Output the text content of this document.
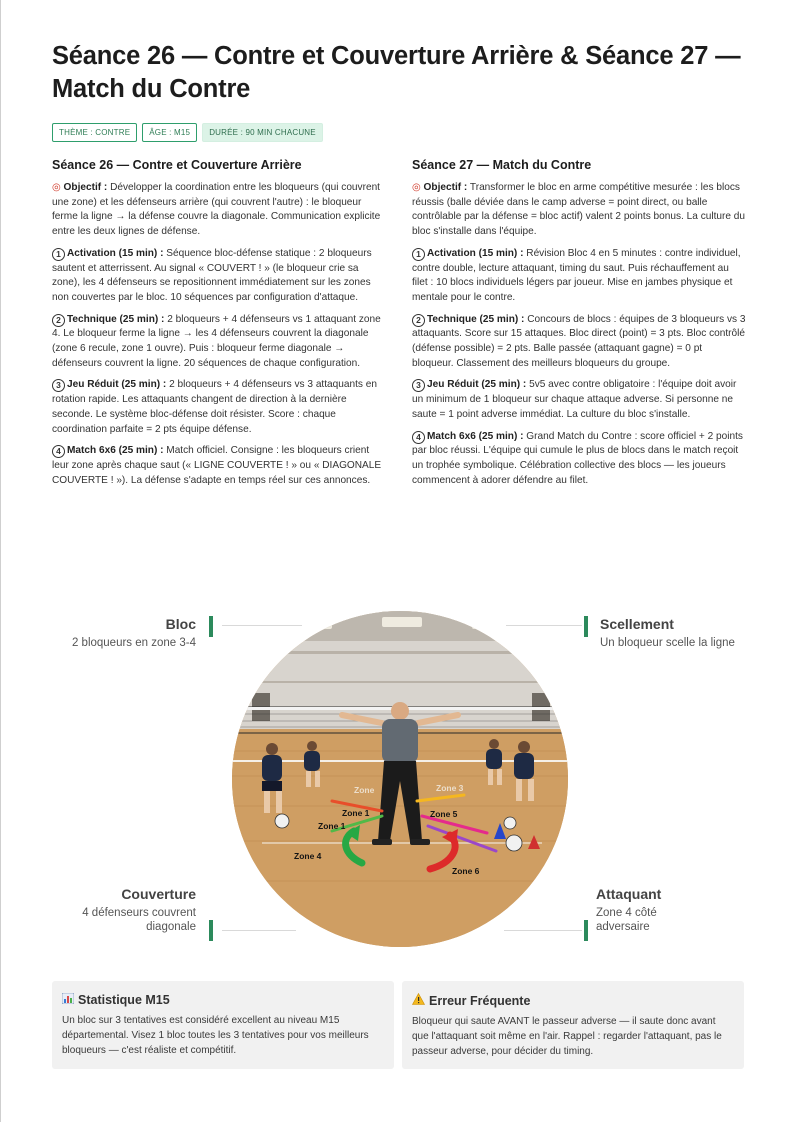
Séance 26 — Contre et Couverture Arrière & Séance 27 — Match du Contre
THÈME : CONTRE	ÂGE : M15	DURÉE : 90 MIN CHACUNE
Séance 26 — Contre et Couverture Arrière

◎ Objectif : Développer la coordination entre les bloqueurs (qui couvrent une zone) et les défenseurs arrière (qui couvrent l'autre) : le bloqueur ferme la ligne → la défense couvre la diagonale. Communication explicite entre les deux lignes de défense.

1 Activation (15 min) : Séquence bloc-défense statique : 2 bloqueurs sautent et atterrissent. Au signal « COUVERT ! » (le bloqueur crie sa zone), les 4 défenseurs se repositionnent immédiatement sur les zones non couvertes par le bloc. 10 séquences par configuration d'attaque.

2 Technique (25 min) : 2 bloqueurs + 4 défenseurs vs 1 attaquant zone 4. Le bloqueur ferme la ligne → les 4 défenseurs couvrent la diagonale (zone 6 recule, zone 1 ouvre). Puis : bloqueur ferme diagonale → défenseurs couvrent la ligne. 20 séquences de chaque configuration.

3 Jeu Réduit (25 min) : 2 bloqueurs + 4 défenseurs vs 3 attaquants en rotation rapide. Les attaquants changent de direction à la dernière seconde. Le système bloc-défense doit résister. Score : chaque coordination parfaite = 2 pts équipe défense.

4 Match 6x6 (25 min) : Match officiel. Consigne : les bloqueurs crient leur zone après chaque saut (« LIGNE COUVERTE ! » ou « DIAGONALE COUVERTE ! »). La défense s'adapte en temps réel sur ces annonces.

Séance 27 — Match du Contre

◎ Objectif : Transformer le bloc en arme compétitive mesurée : les blocs réussis (balle déviée dans le camp adverse = point direct, ou balle contrôlable par la défense = bloc actif) valent 2 points bonus. La culture du bloc s'installe dans l'équipe.

1 Activation (15 min) : Révision Bloc 4 en 5 minutes : contre individuel, contre double, lecture attaquant, timing du saut. Puis réchauffement au filet : 10 blocs individuels légers par joueur. Mise en jambes physique et mentale pour le contre.

2 Technique (25 min) : Concours de blocs : équipes de 3 bloqueurs vs 3 attaquants. Score sur 15 attaques. Bloc direct (point) = 3 pts. Bloc contrôlé (défense possible) = 2 pts. Balle passée (attaquant gagne) = 0 pt bloqueur. Classement des meilleurs bloqueurs du groupe.

3 Jeu Réduit (25 min) : 5v5 avec contre obligatoire : l'équipe doit avoir un minimum de 1 bloqueur sur chaque attaque adverse. Si personne ne saute = 1 point adverse immédiat. La culture du bloc s'installe.

4 Match 6x6 (25 min) : Grand Match du Contre : score officiel + 2 points par bloc réussi. L'équipe qui cumule le plus de blocs dans le match reçoit un trophée symbolique. Célébration collective des blocs — les joueurs commencent à adorer défendre au filet.

Zone	Zone 3
Zone 1
Zone 1
Zone 5
Zone 4
Zone 6
Bloc
2 bloqueurs en zone 3-4
Scellement
Un bloqueur scelle la ligne
Couverture
4 défenseurs couvrent diagonale
Attaquant
Zone 4 côté adversaire
Statistique M15

Un bloc sur 3 tentatives est considéré excellent au niveau M15 départemental. Visez 1 bloc toutes les 3 tentatives pour vos meilleurs bloqueurs — c'est réaliste et compétitif.

Erreur Fréquente

Bloqueur qui saute AVANT le passeur adverse — il saute donc avant que l'attaquant soit même en l'air. Rappel : regarder l'attaquant, pas le passeur adverse, pour décider du timing.
